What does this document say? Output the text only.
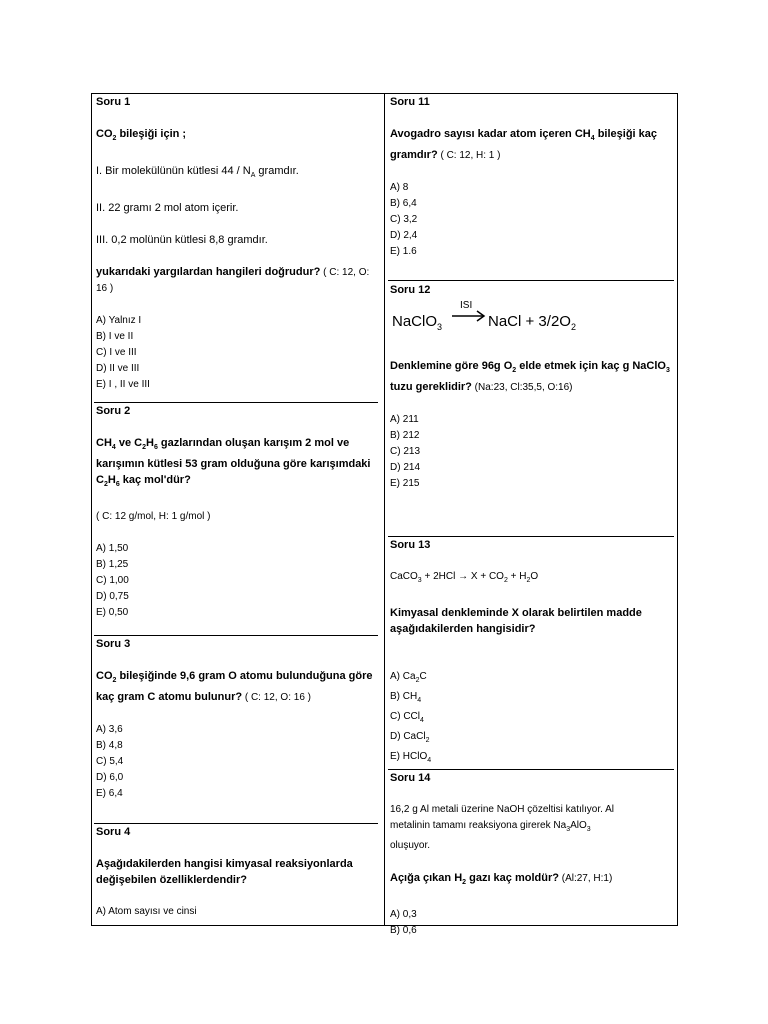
Soru 1
$CO_2$ bileşiği için ;
I. Bir molekülünün kütlesi $44 / N_A$ gramdır.
II. 22 gramı 2 mol atom içerir.
III. 0,2 molünün kütlesi 8,8 gramdır.
yukarıdaki yargılardan hangileri doğrudur? ( C: 12, O:
16 )
A) Yalnız I
B) I ve II
C) I ve III
D) II ve III
E) I , II ve III
Soru 2
$CH_4$ ve $C_2H_6$ gazlarından oluşan karışım 2 mol ve
karışımın kütlesi 53 gram olduğuna göre karışımdaki
$C_2H_6$ kaç mol'dür?
( C: 12 g/mol, H: 1 g/mol )
A) 1,50
B) 1,25
C) 1,00
D) 0,75
E) 0,50
Soru 3
$CO_2$ bileşiğinde 9,6 gram O atomu bulunduğuna göre
kaç gram C atomu bulunur? ( C: 12, O: 16 )
A) 3,6
B) 4,8
C) 5,4
D) 6,0
E) 6,4
Soru 4
Aşağıdakilerden hangisi kimyasal reaksiyonlarda
değişebilen özelliklerdendir?
A) Atom sayısı ve cinsi
Soru 11
Avogadro sayısı kadar atom içeren $CH_4$ bileşiği kaç
gramdır? ( C: 12, H: 1 )
A) 8
B) 6,4
C) 3,2
D) 2,4
E) 1.6
Soru 12
ISI
NaClO$_3$ → NaCl + $3/2O_2$
Denklemine göre 96g $O_2$ elde etmek için kaç g NaClO$_3$
tuzu gereklidir? (Na:23, Cl:35,5, O:16)
A) 211
B) 212
C) 213
D) 214
E) 215
Soru 13
CaCO$_3$ + $2HCl \to X + CO_2 + H_2O$
Kimyasal denkleminde X olarak belirtilen madde
aşağıdakilerden hangisidir?
A) $Ca_2C$
B) $CH_4$
C) CCl$_4$
D) CaCl$_2$
E) HClO$_4$
Soru 14
16,2 g Al metali üzerine NaOH çözeltisi katılıyor. Al
metalinin tamamı reaksiyona girerek $Na_3AlO_3$
oluşuyor.
Açığa çıkan $H_2$ gazı kaç moldür? (Al:27, H:1)
A) 0,3
B) 0,6
